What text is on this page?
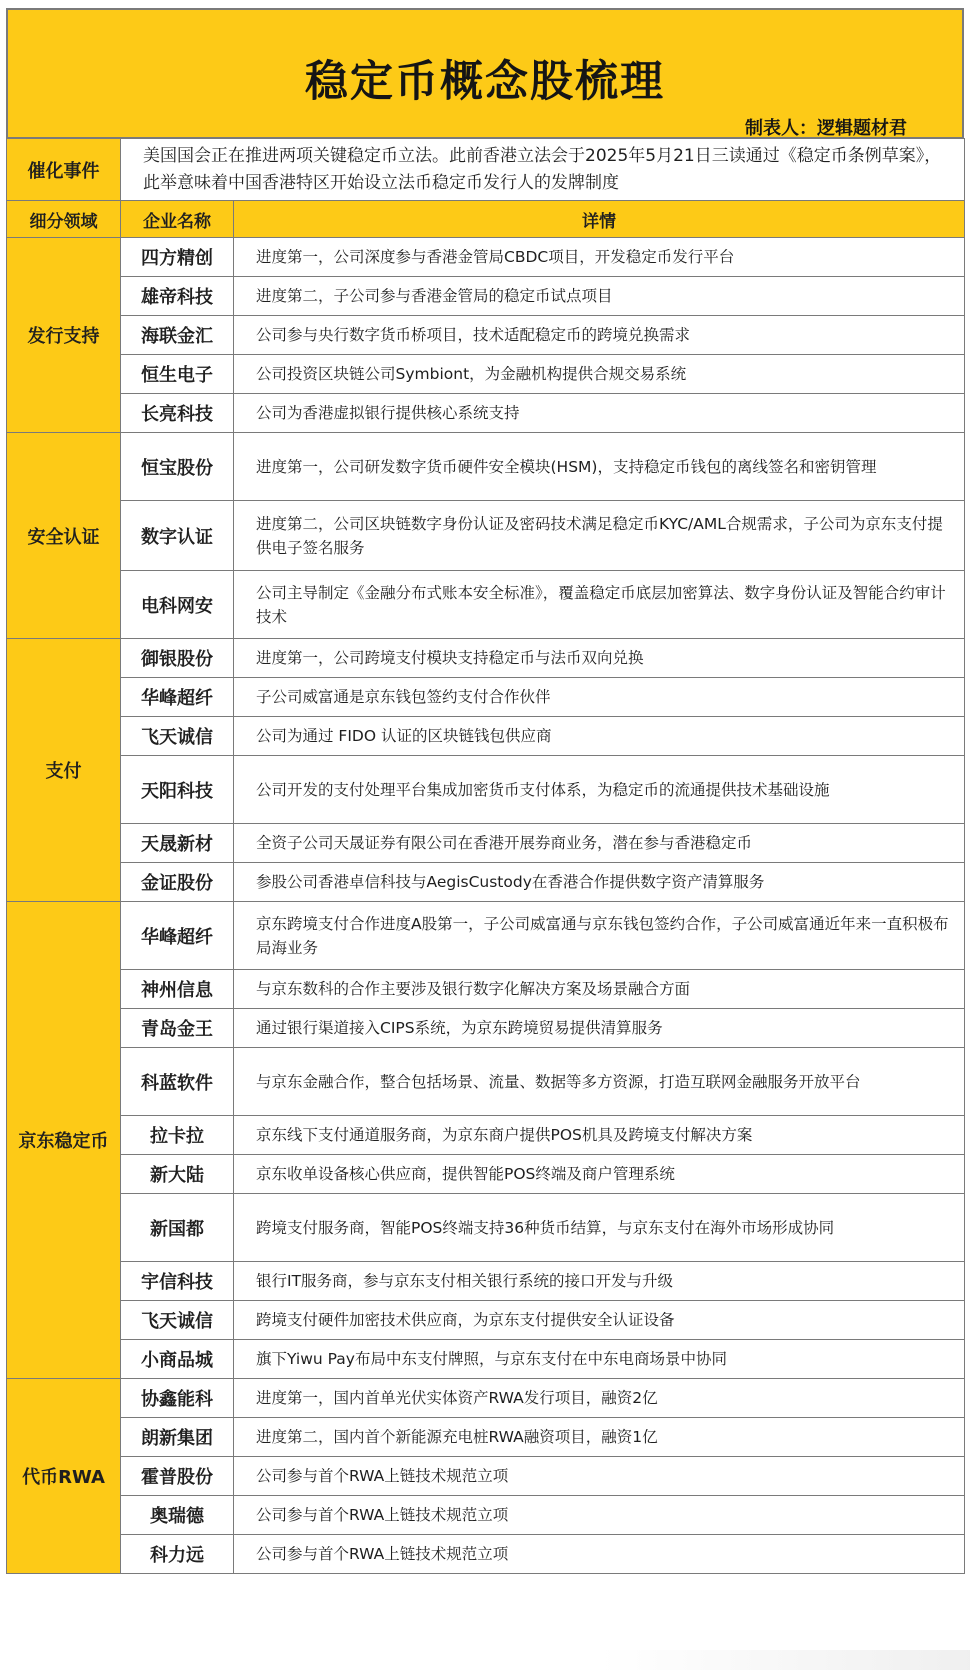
稳定币概念股梳理
制表人：逻辑题材君
催化事件	美国国会正在推进两项关键稳定币立法。此前香港立法会于2025年5月21日三读通过《稳定币条例草案》，此举意味着中国香港特区开始设立法币稳定币发行人的发牌制度	
细分领域	企业名称	详情
发行支持	四方精创	进度第一，公司深度参与香港金管局CBDC项目，开发稳定币发行平台
	雄帝科技	进度第二，子公司参与香港金管局的稳定币试点项目
	海联金汇	公司参与央行数字货币桥项目，技术适配稳定币的跨境兑换需求
	恒生电子	公司投资区块链公司Symbiont，为金融机构提供合规交易系统
	长亮科技	公司为香港虚拟银行提供核心系统支持
安全认证	恒宝股份	进度第一，公司研发数字货币硬件安全模块(HSM)，支持稳定币钱包的离线签名和密钥管理
	数字认证	进度第二，公司区块链数字身份认证及密码技术满足稳定币KYC/AML合规需求，子公司为京东支付提供电子签名服务
	电科网安	公司主导制定《金融分布式账本安全标准》，覆盖稳定币底层加密算法、数字身份认证及智能合约审计技术
支付	御银股份	进度第一，公司跨境支付模块支持稳定币与法币双向兑换
	华峰超纤	子公司威富通是京东钱包签约支付合作伙伴
	飞天诚信	公司为通过 FIDO 认证的区块链钱包供应商
	天阳科技	公司开发的支付处理平台集成加密货币支付体系，为稳定币的流通提供技术基础设施
	天晟新材	全资子公司天晟证券有限公司在香港开展券商业务，潜在参与香港稳定币
	金证股份	参股公司香港卓信科技与AegisCustody在香港合作提供数字资产清算服务
京东稳定币	华峰超纤	京东跨境支付合作进度A股第一，子公司威富通与京东钱包签约合作，子公司威富通近年来一直积极布局海业务
	神州信息	与京东数科的合作主要涉及银行数字化解决方案及场景融合方面
	青岛金王	通过银行渠道接入CIPS系统，为京东跨境贸易提供清算服务
	科蓝软件	与京东金融合作，整合包括场景、流量、数据等多方资源，打造互联网金融服务开放平台
	拉卡拉	京东线下支付通道服务商，为京东商户提供POS机具及跨境支付解决方案
	新大陆	京东收单设备核心供应商，提供智能POS终端及商户管理系统
	新国都	跨境支付服务商，智能POS终端支持36种货币结算，与京东支付在海外市场形成协同
	宇信科技	银行IT服务商，参与京东支付相关银行系统的接口开发与升级
	飞天诚信	跨境支付硬件加密技术供应商，为京东支付提供安全认证设备
	小商品城	旗下Yiwu Pay布局中东支付牌照，与京东支付在中东电商场景中协同
代币RWA	协鑫能科	进度第一，国内首单光伏实体资产RWA发行项目，融资2亿
	朗新集团	进度第二，国内首个新能源充电桩RWA融资项目，融资1亿
	霍普股份	公司参与首个RWA上链技术规范立项
	奥瑞德	公司参与首个RWA上链技术规范立项
	科力远	公司参与首个RWA上链技术规范立项
